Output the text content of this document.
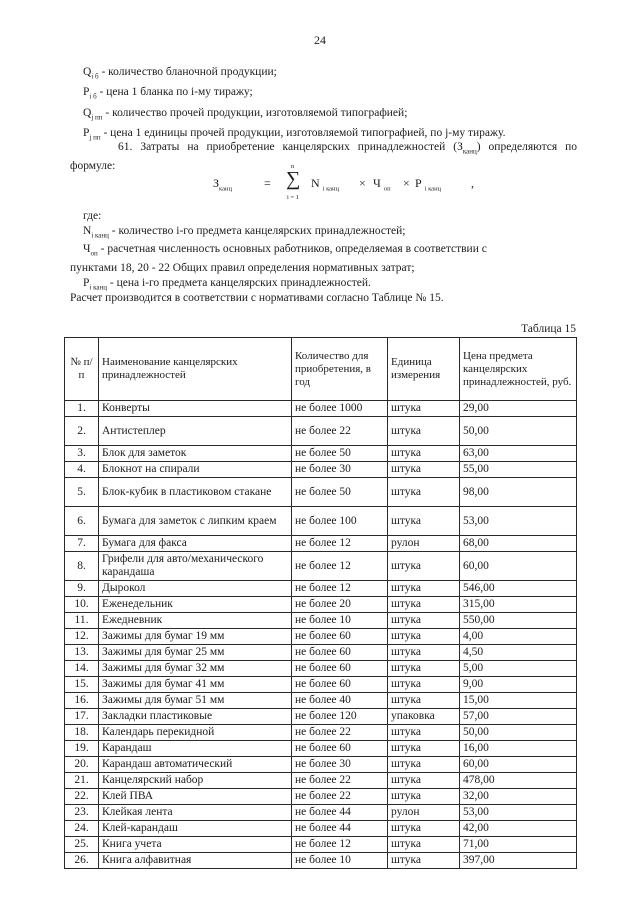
24
$Q_{i б}$ - количество бланочной продукции;
$P_{i б}$ - цена 1 бланка по i-му тиражу;
$Q_{j пп}$ - количество прочей продукции, изготовляемой типографией;
$P_{j пп}$ - цена 1 единицы прочей продукции, изготовляемой типографией, по j-му тиражу.
61. Затраты на приобретение канцелярских принадлежностей $(З_{канц})$ определяются по формуле:
$З_{канц}$	= ∑
n
i = 1
N $_{i канц}$ × Ч $_{оп}$ × P $_{i канц}$ ,
где:
$N_{i канц}$ - количество i-го предмета канцелярских принадлежностей;
$Ч_{оп}$ - расчетная численность основных работников, определяемая в соответствии с
пунктами 18, 20 - 22 Общих правил определения нормативных затрат;
$P_{i канц}$ - цена i-го предмета канцелярских принадлежностей.
Расчет производится в соответствии с нормативами согласно Таблице № 15.
Таблица 15
№ п/п	Наименование канцелярских принадлежностей	Количество для приобретения, в год	Единица измерения	Цена предмета канцелярских принадлежностей, руб.
1.	Конверты	не более 1000	штука	29,00
2.	Антистеплер	не более 22	штука	50,00
3.	Блок для заметок	не более 50	штука	63,00
4.	Блокнот на спирали	не более 30	штука	55,00
5.	Блок-кубик в пластиковом стакане	не более 50	штука	98,00
6.	Бумага для заметок с липким краем	не более 100	штука	53,00
7.	Бумага для факса	не более 12	рулон	68,00
8.	Грифели для авто/механического карандаша	не более 12	штука	60,00
9.	Дырокол	не более 12	штука	546,00
10.	Еженедельник	не более 20	штука	315,00
11.	Ежедневник	не более 10	штука	550,00
12.	Зажимы для бумаг 19 мм	не более 60	штука	4,00
13.	Зажимы для бумаг 25 мм	не более 60	штука	4,50
14.	Зажимы для бумаг 32 мм	не более 60	штука	5,00
15.	Зажимы для бумаг 41 мм	не более 60	штука	9,00
16.	Зажимы для бумаг 51 мм	не более 40	штука	15,00
17.	Закладки пластиковые	не более 120	упаковка	57,00
18.	Календарь перекидной	не более 22	штука	50,00
19.	Карандаш	не более 60	штука	16,00
20.	Карандаш автоматический	не более 30	штука	60,00
21.	Канцелярский набор	не более 22	штука	478,00
22.	Клей ПВА	не более 22	штука	32,00
23.	Клейкая лента	не более 44	рулон	53,00
24.	Клей-карандаш	не более 44	штука	42,00
25.	Книга учета	не более 12	штука	71,00
26.	Книга алфавитная	не более 10	штука	397,00
